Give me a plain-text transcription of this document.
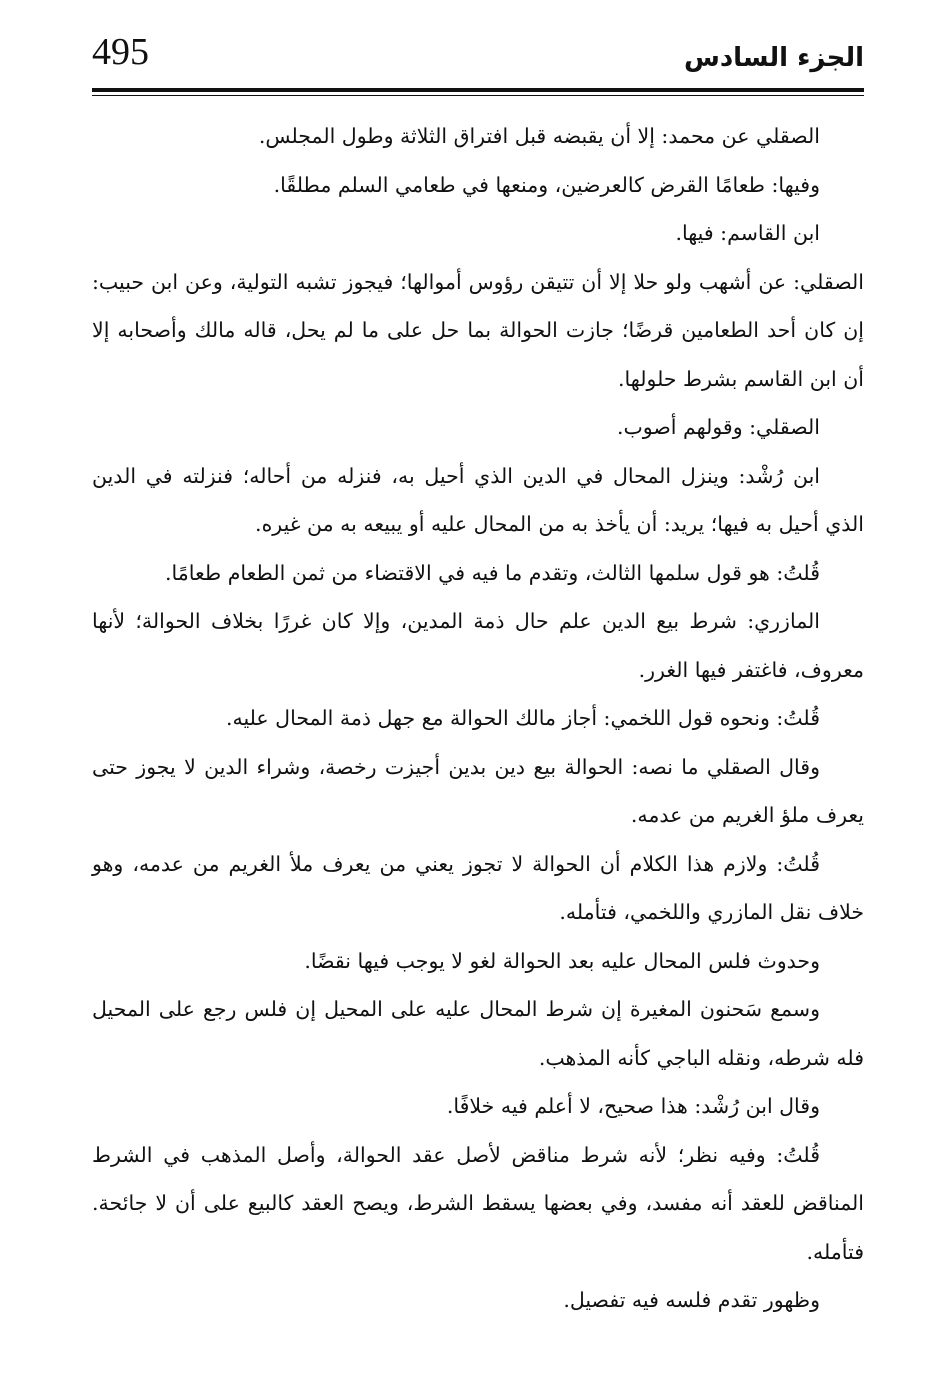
495	الجزء السادس

الصقلي عن محمد: إلا أن يقبضه قبل افتراق الثلاثة وطول المجلس.

وفيها: طعامًا القرض كالعرضين، ومنعها في طعامي السلم مطلقًا.

ابن القاسم: فيها.

الصقلي: عن أشهب ولو حلا إلا أن تتيقن رؤوس أموالها؛ فيجوز تشبه التولية، وعن ابن حبيب: إن كان أحد الطعامين قرضًا؛ جازت الحوالة بما حل على ما لم يحل، قاله مالك وأصحابه إلا أن ابن القاسم بشرط حلولها.

الصقلي: وقولهم أصوب.

ابن رُشْد: وينزل المحال في الدين الذي أحيل به، فنزله من أحاله؛ فنزلته في الدين الذي أحيل به فيها؛ يريد: أن يأخذ به من المحال عليه أو يبيعه به من غيره.

قُلتُ: هو قول سلمها الثالث، وتقدم ما فيه في الاقتضاء من ثمن الطعام طعامًا.

المازري: شرط بيع الدين علم حال ذمة المدين، وإلا كان غررًا بخلاف الحوالة؛ لأنها معروف، فاغتفر فيها الغرر.

قُلتُ: ونحوه قول اللخمي: أجاز مالك الحوالة مع جهل ذمة المحال عليه.

وقال الصقلي ما نصه: الحوالة بيع دين بدين أجيزت رخصة، وشراء الدين لا يجوز حتى يعرف ملؤ الغريم من عدمه.

قُلتُ: ولازم هذا الكلام أن الحوالة لا تجوز يعني من يعرف ملأ الغريم من عدمه، وهو خلاف نقل المازري واللخمي، فتأمله.

وحدوث فلس المحال عليه بعد الحوالة لغو لا يوجب فيها نقضًا.

وسمع سَحنون المغيرة إن شرط المحال عليه على المحيل إن فلس رجع على المحيل فله شرطه، ونقله الباجي كأنه المذهب.

وقال ابن رُشْد: هذا صحيح، لا أعلم فيه خلافًا.

قُلتُ: وفيه نظر؛ لأنه شرط مناقض لأصل عقد الحوالة، وأصل المذهب في الشرط المناقض للعقد أنه مفسد، وفي بعضها يسقط الشرط، ويصح العقد كالبيع على أن لا جائحة. فتأمله.

وظهور تقدم فلسه فيه تفصيل.
